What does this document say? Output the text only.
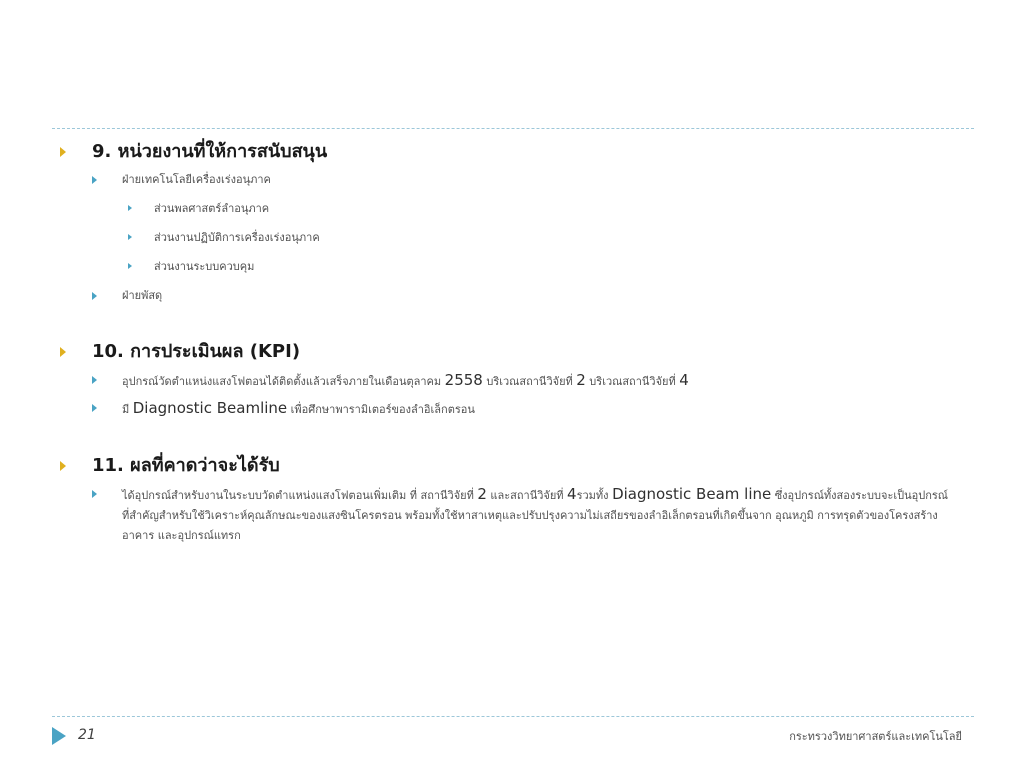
9. หน่วยงานที่ให้การสนับสนุน
ฝ่ายเทคโนโลยีเครื่องเร่งอนุภาค
ส่วนพลศาสตร์ลำอนุภาค
ส่วนงานปฏิบัติการเครื่องเร่งอนุภาค
ส่วนงานระบบควบคุม
ฝ่ายพัสดุ
10. การประเมินผล (KPI)
อุปกรณ์วัดตำแหน่งแสงโฟตอนได้ติดตั้งแล้วเสร็จภายในเดือนตุลาคม 2558 บริเวณสถานีวิจัยที่ 2 บริเวณสถานีวิจัยที่ 4
มี Diagnostic Beamline เพื่อศึกษาพารามิเตอร์ของลำอิเล็กตรอน
11. ผลที่คาดว่าจะได้รับ
ได้อุปกรณ์สำหรับงานในระบบวัดตำแหน่งแสงโฟตอนเพิ่มเติม ที่ สถานีวิจัยที่ 2 และสถานีวิจัยที่ 4รวมทั้ง Diagnostic Beam line ซึ่งอุปกรณ์ทั้งสองระบบจะเป็นอุปกรณ์ที่สำคัญสำหรับใช้วิเคราะห์คุณลักษณะของแสงซินโครตรอน พร้อมทั้งใช้หาสาเหตุและปรับปรุงความไม่เสถียรของลำอิเล็กตรอนที่เกิดขึ้นจาก อุณหภูมิ การทรุดตัวของโครงสร้าง อาคาร และอุปกรณ์แทรก
21	กระทรวงวิทยาศาสตร์และเทคโนโลยี
